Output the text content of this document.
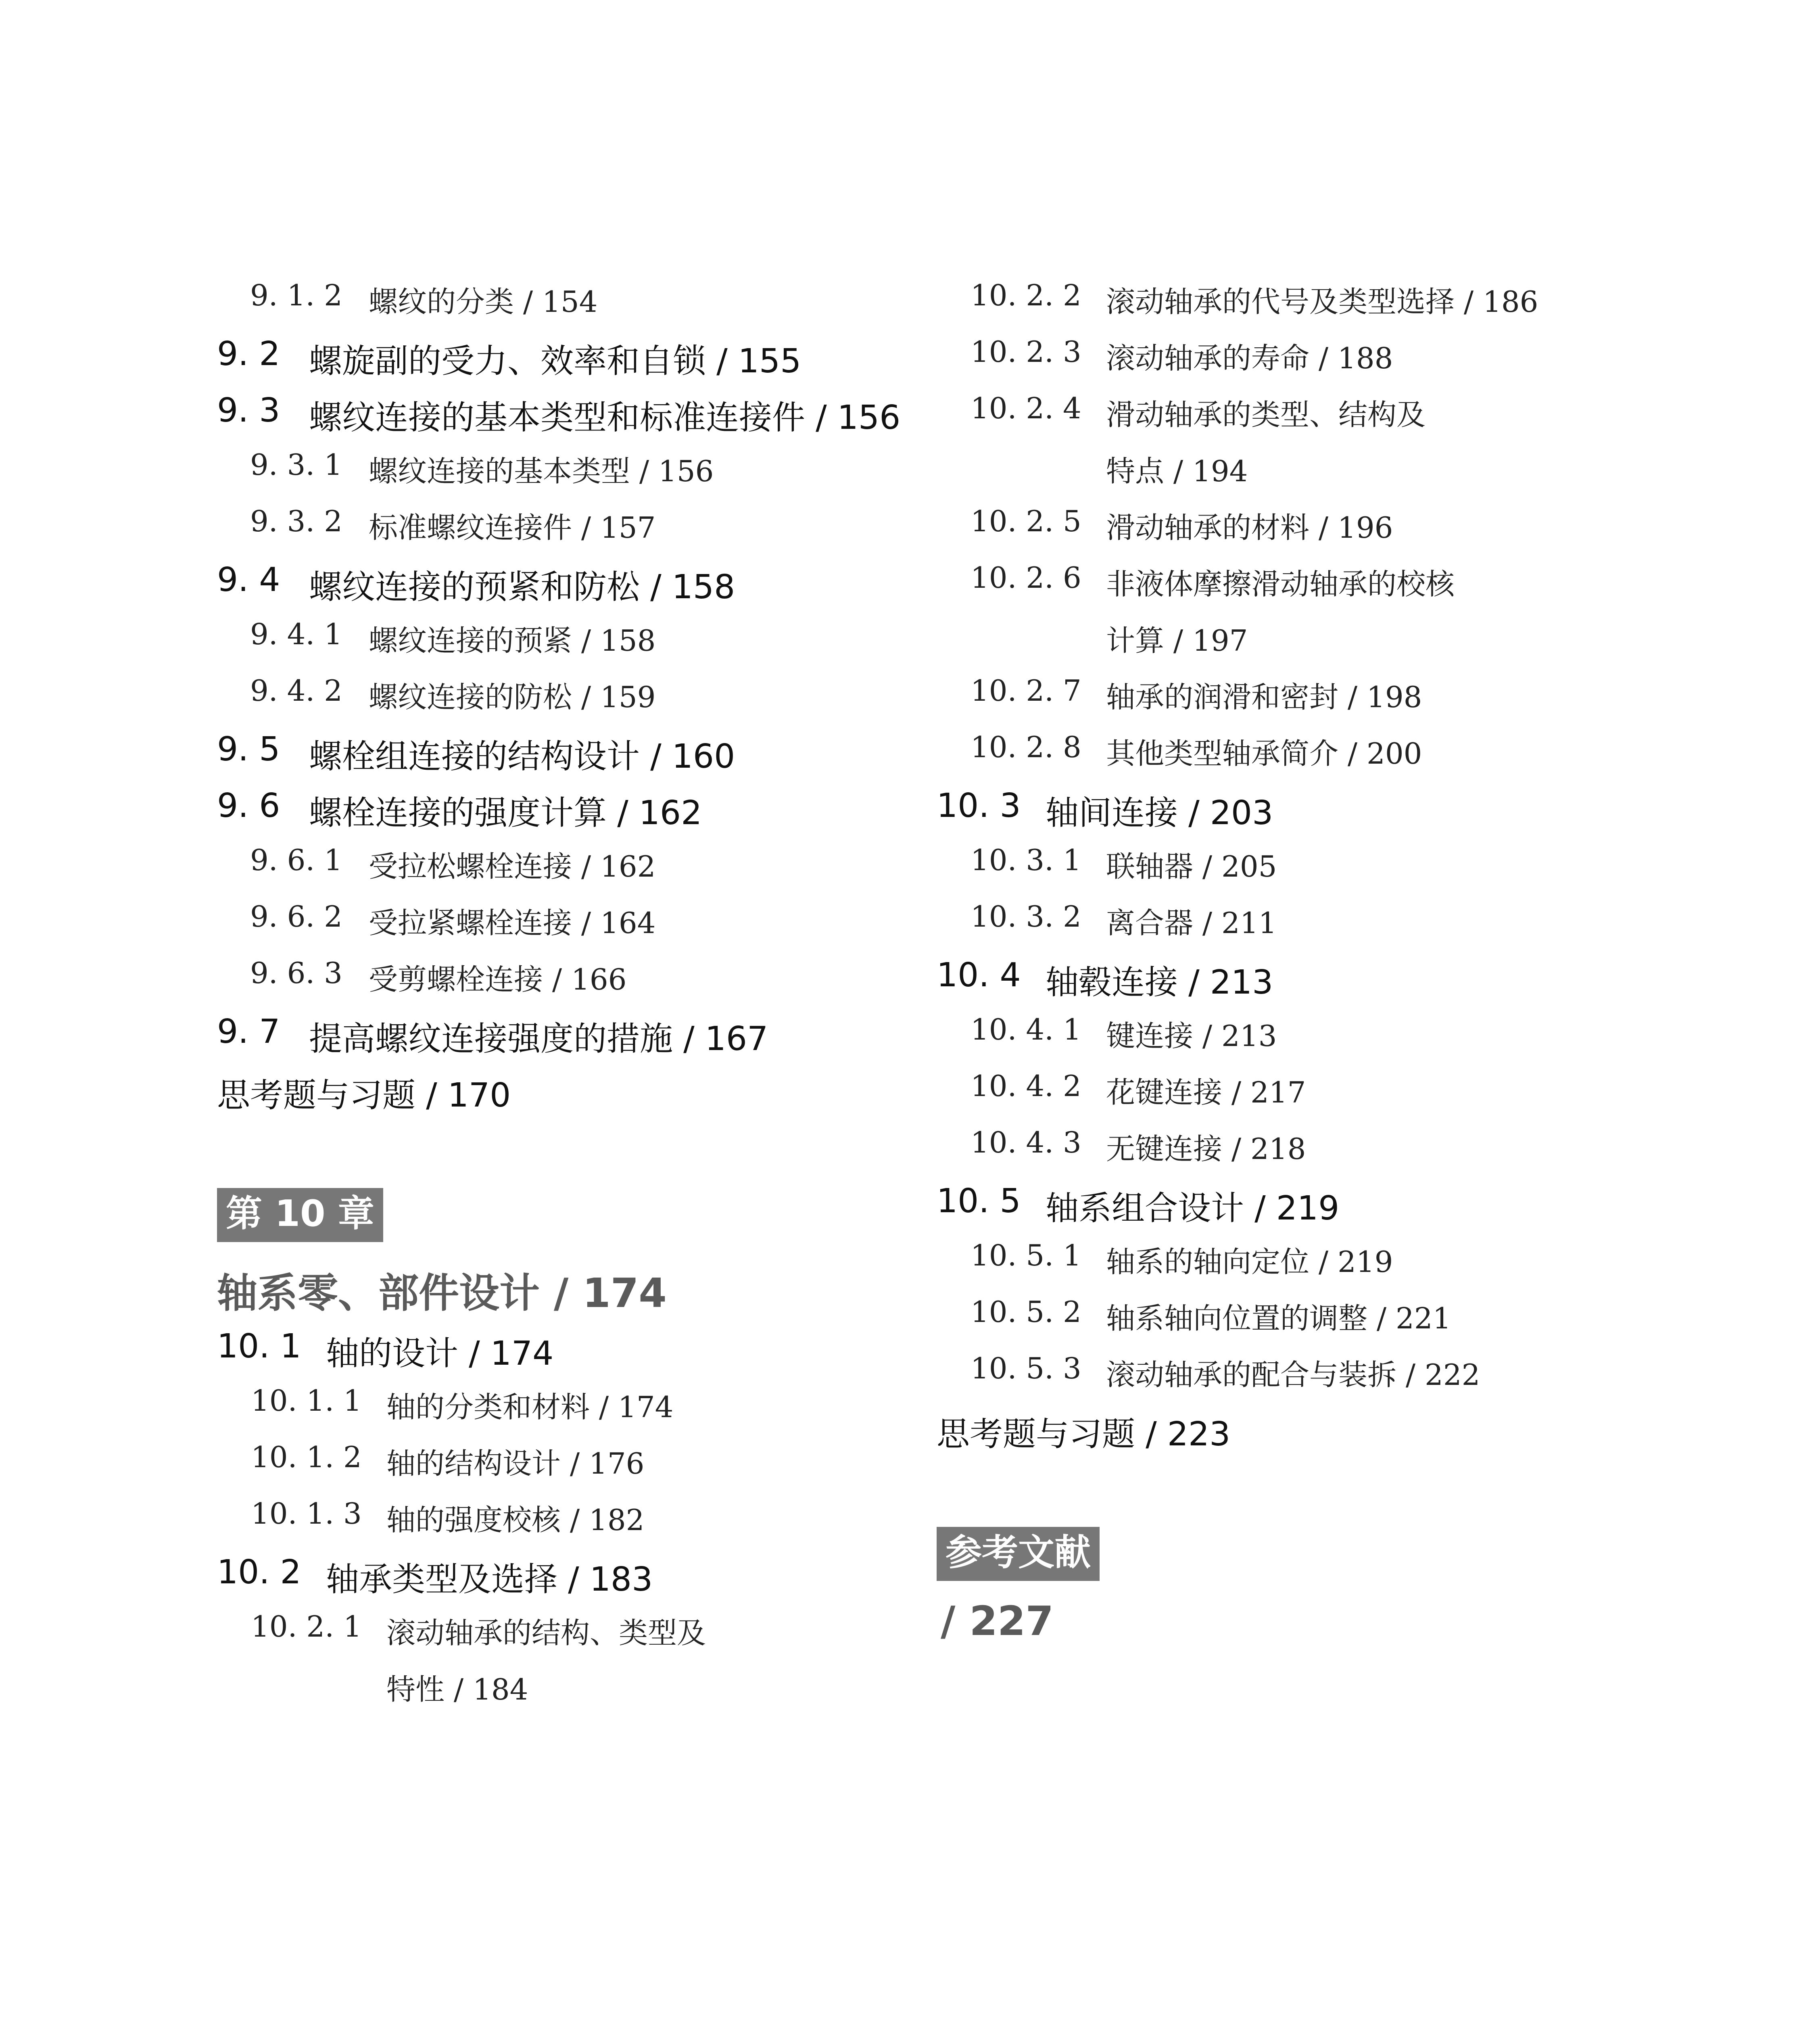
9. 1. 2 螺纹的分类 / 154
9. 2 螺旋副的受力、效率和自锁 / 155
9. 3 螺纹连接的基本类型和标准连接件 / 156
9. 3. 1 螺纹连接的基本类型 / 156
9. 3. 2 标准螺纹连接件 / 157
9. 4 螺纹连接的预紧和防松 / 158
9. 4. 1 螺纹连接的预紧 / 158
9. 4. 2 螺纹连接的防松 / 159
9. 5 螺栓组连接的结构设计 / 160
9. 6 螺栓连接的强度计算 / 162
9. 6. 1 受拉松螺栓连接 / 162
9. 6. 2 受拉紧螺栓连接 / 164
9. 6. 3 受剪螺栓连接 / 166
9. 7 提高螺纹连接强度的措施 / 167
思考题与习题 / 170
第 10 章
轴系零、部件设计 / 174
10. 1 轴的设计 / 174
10. 1. 1 轴的分类和材料 / 174
10. 1. 2 轴的结构设计 / 176
10. 1. 3 轴的强度校核 / 182
10. 2 轴承类型及选择 / 183
10. 2. 1 滚动轴承的结构、类型及
特性 / 184
10. 2. 2 滚动轴承的代号及类型选择 / 186
10. 2. 3 滚动轴承的寿命 / 188
10. 2. 4 滑动轴承的类型、结构及
特点 / 194
10. 2. 5 滑动轴承的材料 / 196
10. 2. 6 非液体摩擦滑动轴承的校核
计算 / 197
10. 2. 7 轴承的润滑和密封 / 198
10. 2. 8 其他类型轴承简介 / 200
10. 3 轴间连接 / 203
10. 3. 1 联轴器 / 205
10. 3. 2 离合器 / 211
10. 4 轴毂连接 / 213
10. 4. 1 键连接 / 213
10. 4. 2 花键连接 / 217
10. 4. 3 无键连接 / 218
10. 5 轴系组合设计 / 219
10. 5. 1 轴系的轴向定位 / 219
10. 5. 2 轴系轴向位置的调整 / 221
10. 5. 3 滚动轴承的配合与装拆 / 222
思考题与习题 / 223
参考文献
/ 227
